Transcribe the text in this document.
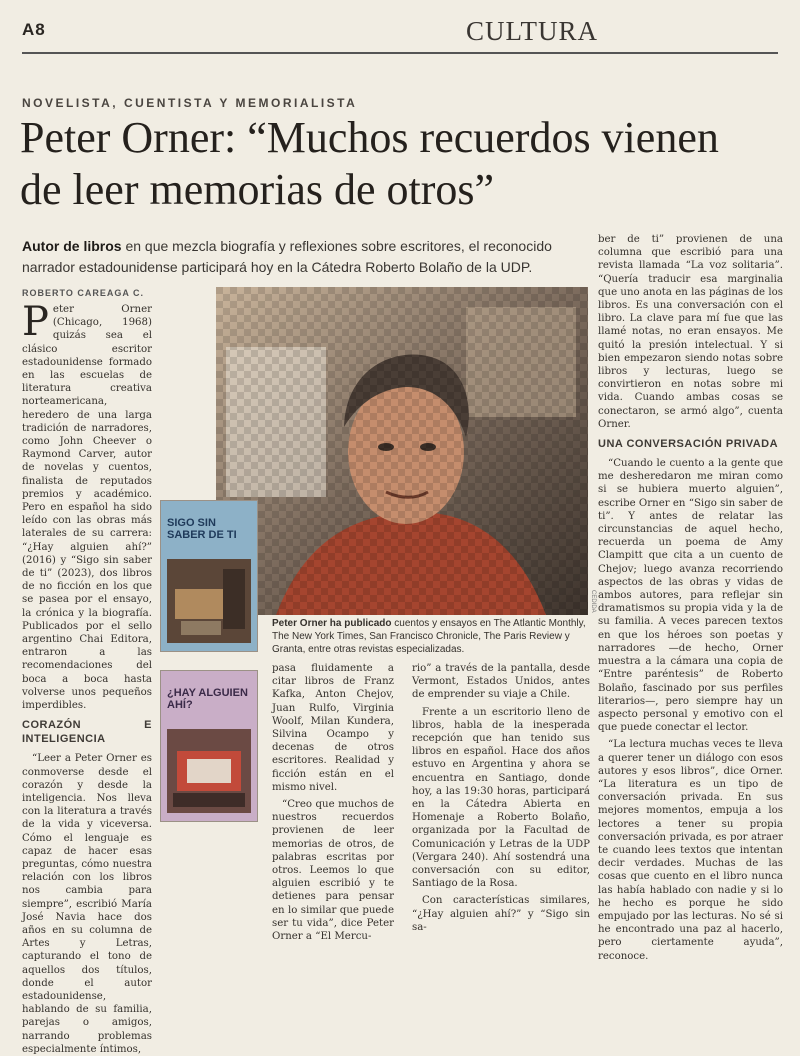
A8	CULTURA
NOVELISTA, CUENTISTA Y MEMORIALISTA
Peter Orner: “Muchos recuerdos vienen de leer memorias de otros”
Autor de libros en que mezcla biografía y reflexiones sobre escritores, el reconocido narrador estadounidense participará hoy en la Cátedra Roberto Bolaño de la UDP.
ROBERTO CAREAGA C.

Peter Orner (Chicago, 1968) quizás sea el clásico escritor estadounidense formado en las escuelas de literatura creativa norteamericana, heredero de una larga tradición de narradores, como John Cheever o Raymond Carver, autor de novelas y cuentos, finalista de reputados premios y académico. Pero en español ha sido leído con las obras más laterales de su carrera: “¿Hay alguien ahí?” (2016) y “Sigo sin saber de ti” (2023), dos libros de no ficción en los que se pasea por el ensayo, la crónica y la biografía. Publicados por el sello argentino Chai Editora, entraron a las recomendaciones del boca a boca hasta volverse unos pequeños imperdibles.

CORAZÓN E INTELIGENCIA

“Leer a Peter Orner es conmoverse desde el corazón y desde la inteligencia. Nos lleva con la literatura a través de la vida y viceversa. Cómo el lenguaje es capaz de hacer esas preguntas, cómo nuestra relación con los libros nos cambia para siempre”, escribió María José Navia hace dos años en su columna de Artes y Letras, capturando el tono de aquellos dos títulos, donde el autor estadounidense, hablando de su familia, parejas o amigos, narrando problemas especialmente íntimos,

CEDIDA
Peter Orner ha publicado cuentos y ensayos en The Atlantic Monthly, The New York Times, San Francisco Chronicle, The Paris Review y Granta, entre otras revistas especializadas.
SIGO SIN SABER DE TI
¿HAY ALGUIEN AHÍ?

pasa fluidamente a citar libros de Franz Kafka, Anton Chejov, Juan Rulfo, Virginia Woolf, Milan Kundera, Silvina Ocampo y decenas de otros escritores. Realidad y ficción están en el mismo nivel.

“Creo que muchos de nuestros recuerdos provienen de leer memorias de otros, de palabras escritas por otros. Leemos lo que alguien escribió y te detienes para pensar en lo similar que puede ser tu vida”, dice Peter Orner a “El Mercu-

rio” a través de la pantalla, desde Vermont, Estados Unidos, antes de emprender su viaje a Chile.

Frente a un escritorio lleno de libros, habla de la inesperada recepción que han tenido sus libros en español. Hace dos años estuvo en Argentina y ahora se encuentra en Santiago, donde hoy, a las 19:30 horas, participará en la Cátedra Abierta en Homenaje a Roberto Bolaño, organizada por la Facultad de Comunicación y Letras de la UDP (Vergara 240). Ahí sostendrá una conversación con su editor, Santiago de la Rosa.

Con características similares, “¿Hay alguien ahí?” y “Sigo sin sa-

ber de ti” provienen de una columna que escribió para una revista llamada “La voz solitaria”. “Quería traducir esa marginalia que uno anota en las páginas de los libros. Es una conversación con el libro. La clave para mí fue que las llamé notas, no eran ensayos. Me quitó la presión intelectual. Y si bien empezaron siendo notas sobre libros y lecturas, luego se convirtieron en notas sobre mi vida. Cuando ambas cosas se conectaron, se armó algo”, cuenta Orner.

UNA CONVERSACIÓN PRIVADA

“Cuando le cuento a la gente que me desheredaron me miran como si se hubiera muerto alguien”, escribe Orner en “Sigo sin saber de ti”. Y antes de relatar las circunstancias de aquel hecho, recuerda un poema de Amy Clampitt que cita a un cuento de Chejov; luego avanza recorriendo aspectos de las obras y vidas de ambos autores, para reflejar sin dramatismos su propia vida y la de su familia. A veces parecen textos en que los héroes son poetas y narradores —de hecho, Orner muestra a la cámara una copia de “Entre paréntesis” de Roberto Bolaño, fascinado por sus perfiles literarios—, pero siempre hay un aspecto personal y emotivo con el que puede conectar el lector.

“La lectura muchas veces te lleva a querer tener un diálogo con esos autores y esos libros”, dice Orner. “La literatura es un tipo de conversación privada. En sus mejores momentos, empuja a los lectores a tener su propia conversación privada, es por atraer te cuando lees textos que intentan decir verdades. Muchas de las cosas que cuento en el libro nunca las había hablado con nadie y si lo he hecho es porque he sido empujado por las lecturas. No sé si he encontrado una paz al hacerlo, pero ciertamente ayuda”, reconoce.
